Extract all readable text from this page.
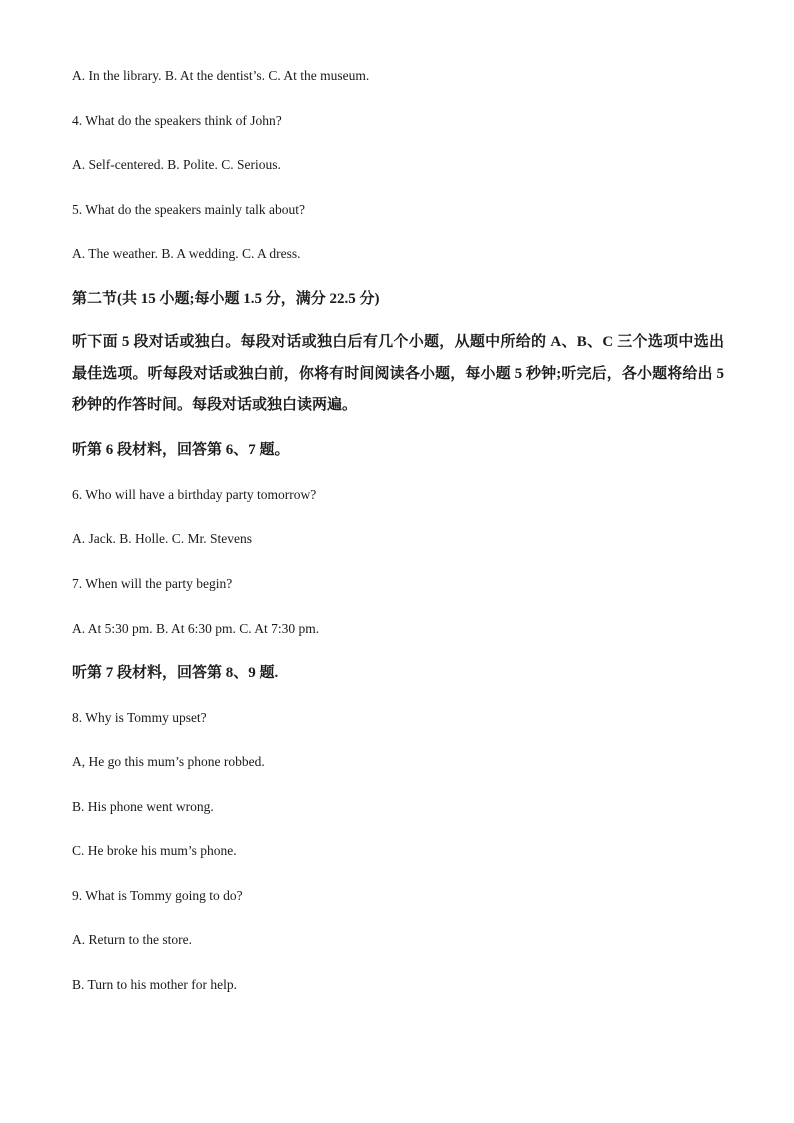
A. In the library. B. At the dentist’s. C. At the museum.
4. What do the speakers think of John?
A. Self-centered. B. Polite. C. Serious.
5. What do the speakers mainly talk about?
A. The weather. B. A wedding. C. A dress.
第二节(共 15 小题;每小题 1.5 分，满分 22.5 分)
听下面 5 段对话或独白。每段对话或独白后有几个小题，从题中所给的 A、B、C 三个选项中选出最佳选项。听每段对话或独白前，你将有时间阅读各小题，每小题 5 秒钟;听完后，各小题将给出 5 秒钟的作答时间。每段对话或独白读两遍。
听第 6 段材料，回答第 6、7 题。
6. Who will have a birthday party tomorrow?
A. Jack. B. Holle. C. Mr. Stevens
7. When will the party begin?
A. At 5:30 pm. B. At 6:30 pm. C. At 7:30 pm.
听第 7 段材料，回答第 8、9 题.
8. Why is Tommy upset?
A, He go this mum’s phone robbed.
B. His phone went wrong.
C. He broke his mum’s phone.
9. What is Tommy going to do?
A. Return to the store.
B. Turn to his mother for help.
